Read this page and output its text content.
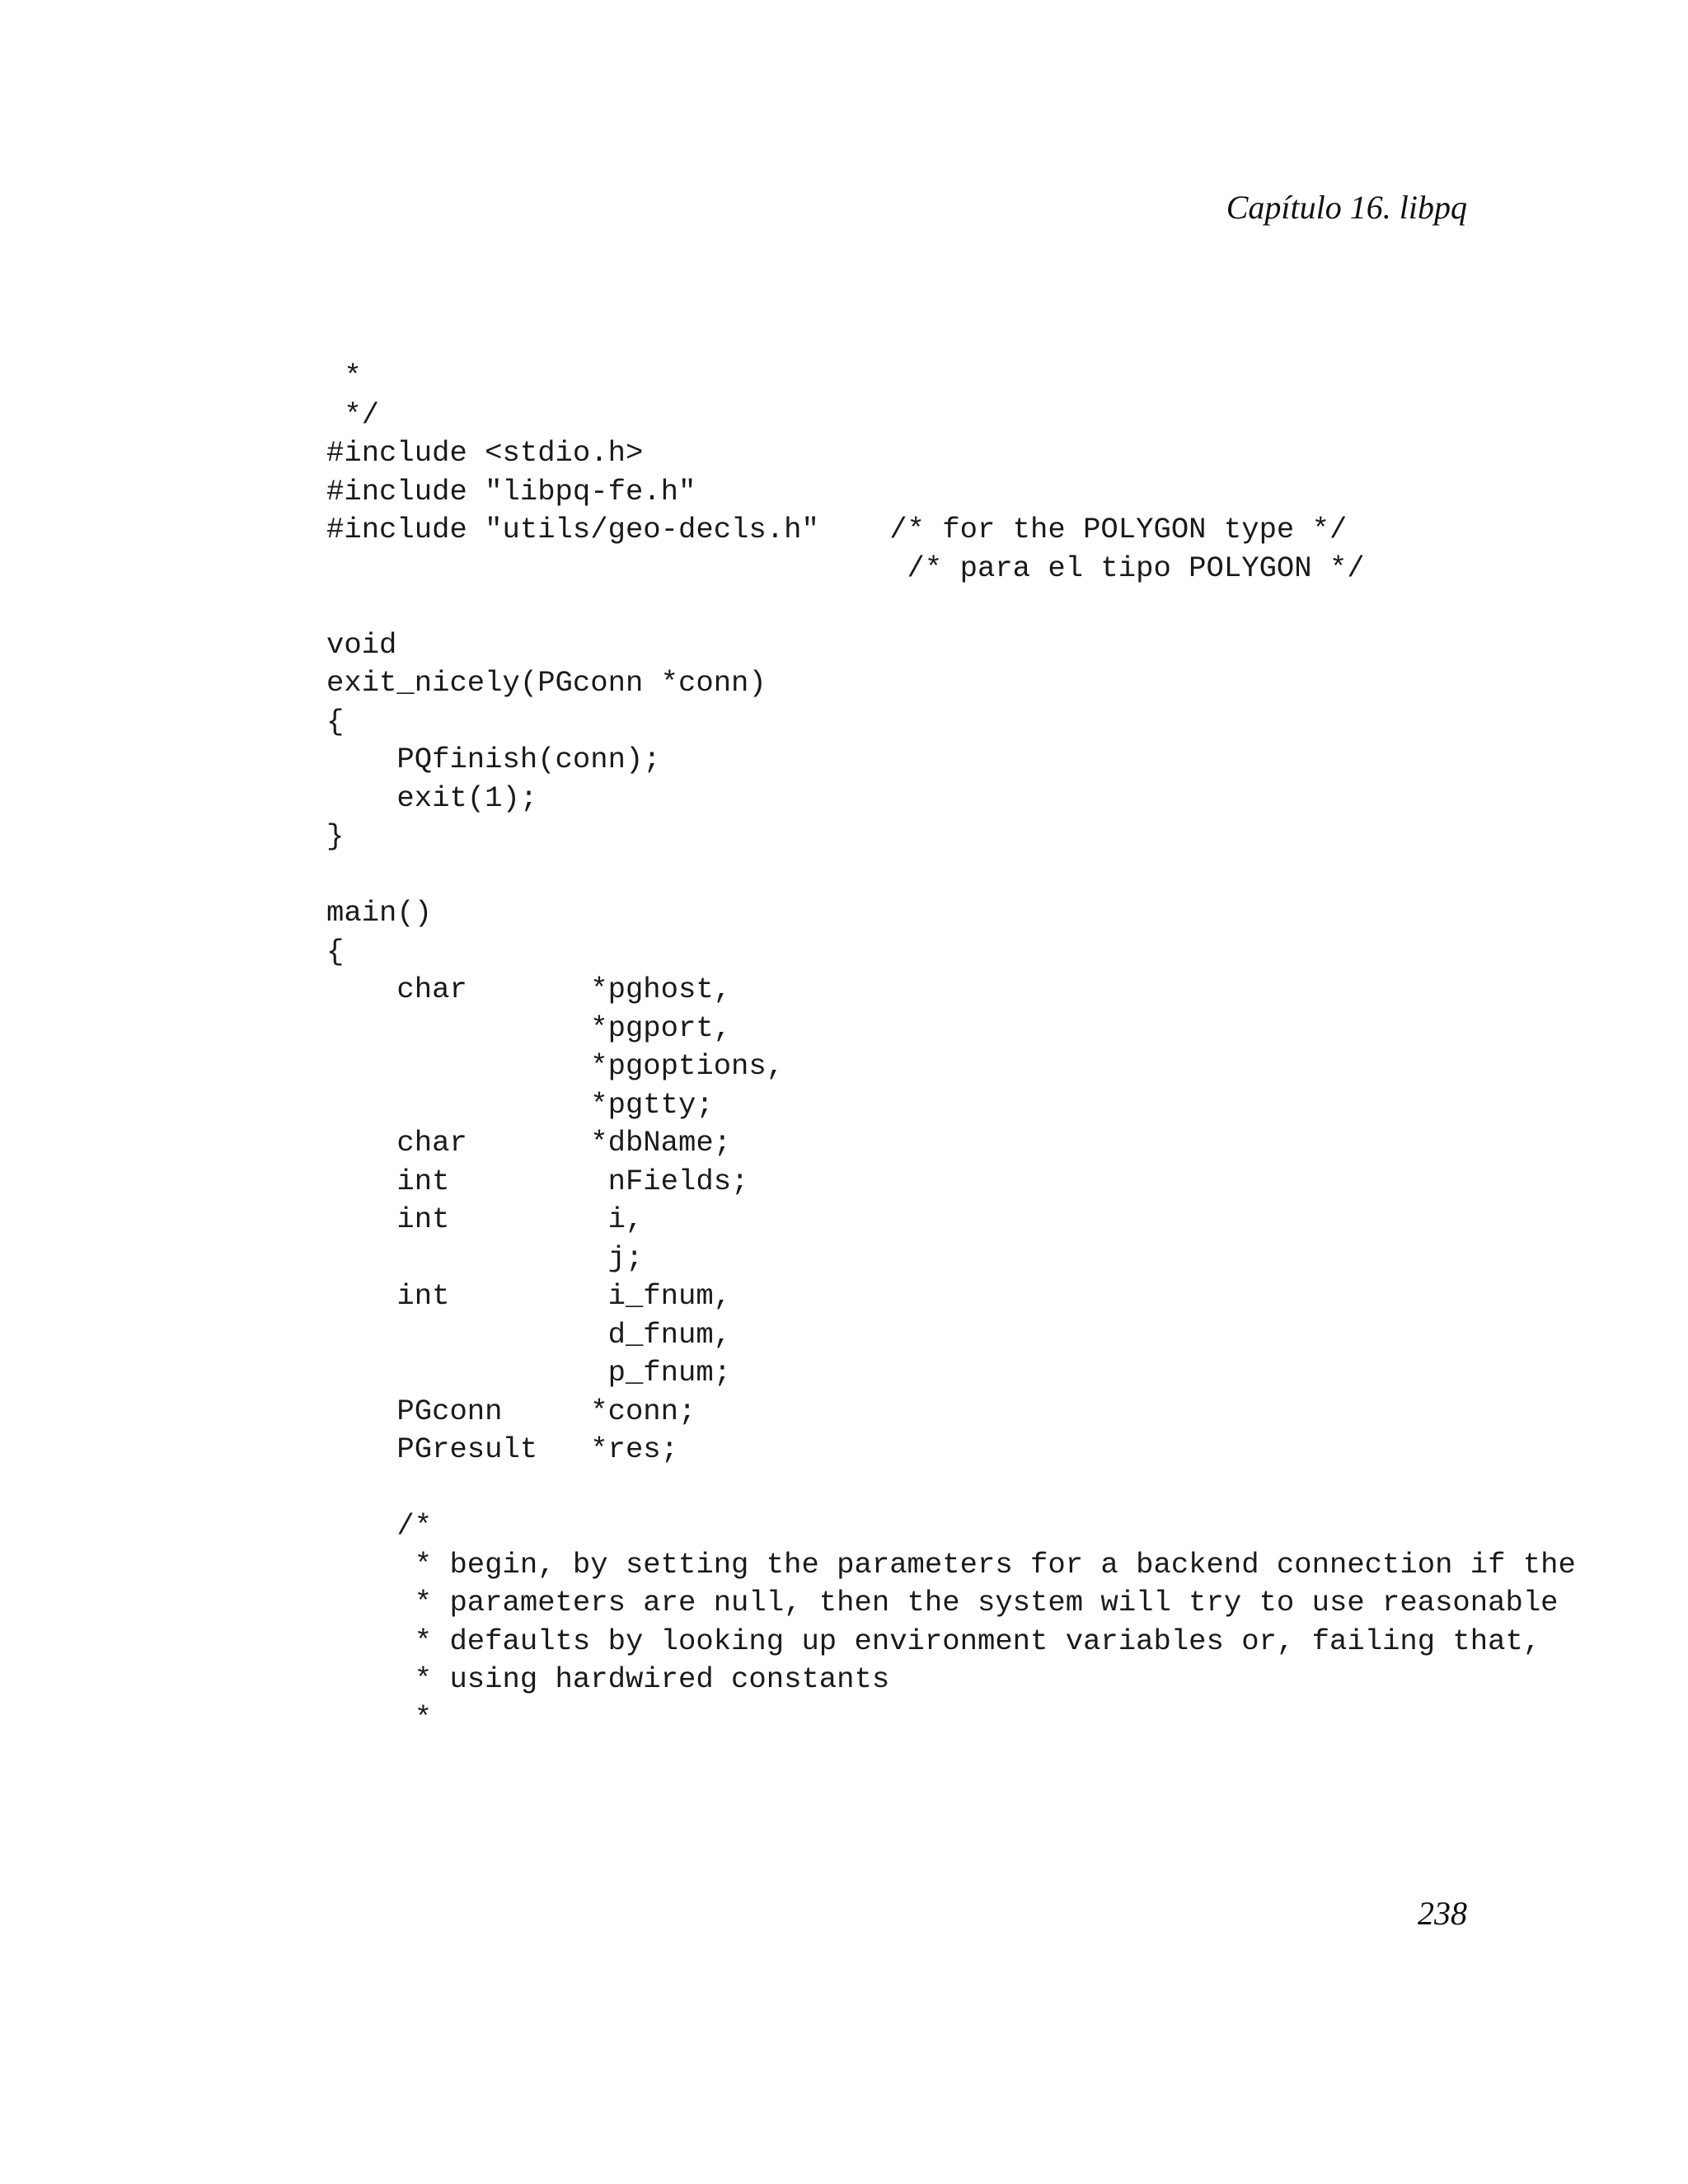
Capítulo 16. libpq
*
*/
#include <stdio.h>
#include "libpq-fe.h"
#include "utils/geo-decls.h"    /* for the POLYGON type */
/* para el tipo POLYGON */
void
exit_nicely(PGconn *conn)
{
PQfinish(conn);
exit(1);
}
main()
{
char       *pghost,
*pgport,
*pgoptions,
*pgtty;
char       *dbName;
int         nFields;
int         i,
j;
int         i_fnum,
d_fnum,
p_fnum;
PGconn     *conn;
PGresult   *res;
/*
* begin, by setting the parameters for a backend connection if the
* parameters are null, then the system will try to use reasonable
* defaults by looking up environment variables or, failing that,
* using hardwired constants
*
238
